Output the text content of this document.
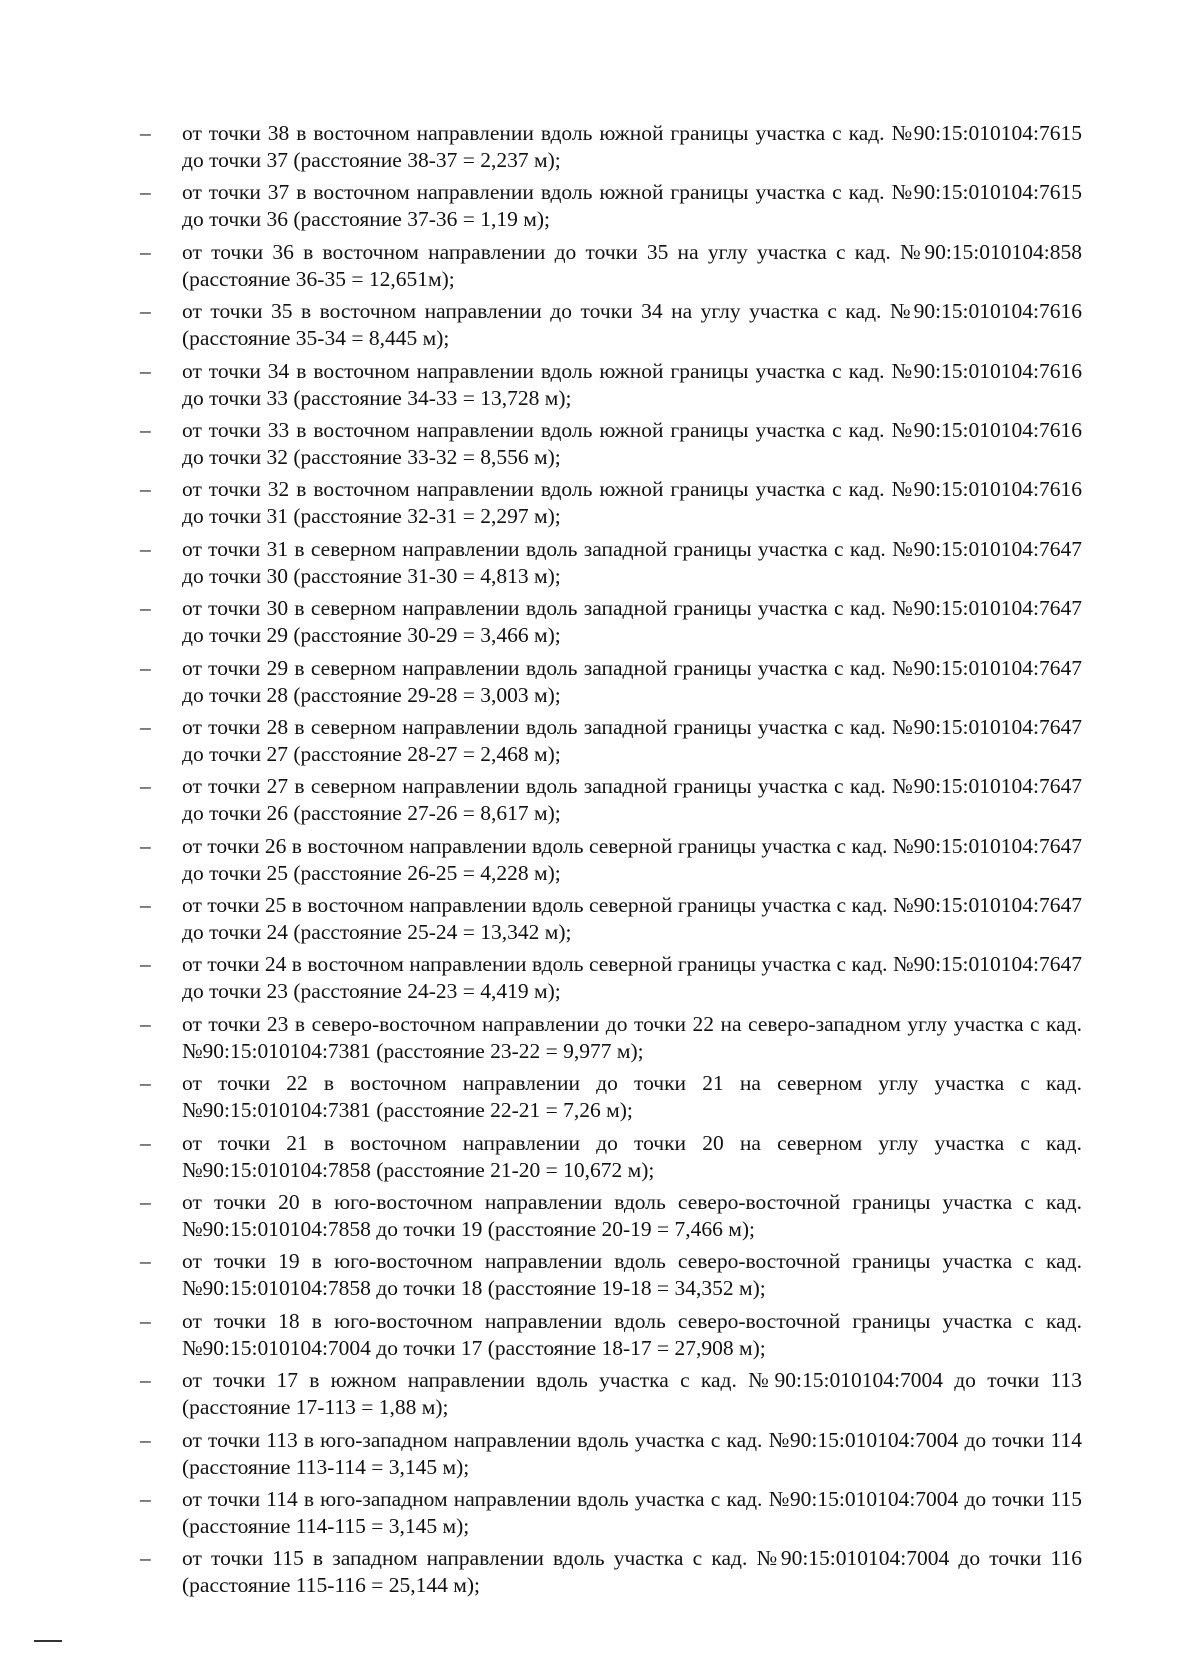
–	от точки 38 в восточном направлении вдоль южной границы участка с кад. №90:15:010104:7615 до точки 37 (расстояние 38-37 = 2,237 м);
–	от точки 37 в восточном направлении вдоль южной границы участка с кад. №90:15:010104:7615 до точки 36 (расстояние 37-36 = 1,19 м);
–	от точки 36 в восточном направлении до точки 35 на углу участка с кад. №90:15:010104:858 (расстояние 36-35 = 12,651м);
–	от точки 35 в восточном направлении до точки 34 на углу участка с кад. №90:15:010104:7616 (расстояние 35-34 = 8,445 м);
–	от точки 34 в восточном направлении вдоль южной границы участка с кад. №90:15:010104:7616 до точки 33 (расстояние 34-33 = 13,728 м);
–	от точки 33 в восточном направлении вдоль южной границы участка с кад. №90:15:010104:7616 до точки 32 (расстояние 33-32 = 8,556 м);
–	от точки 32 в восточном направлении вдоль южной границы участка с кад. №90:15:010104:7616 до точки 31 (расстояние 32-31 = 2,297 м);
–	от точки 31 в северном направлении вдоль западной границы участка с кад. №90:15:010104:7647 до точки 30 (расстояние 31-30 = 4,813 м);
–	от точки 30 в северном направлении вдоль западной границы участка с кад. №90:15:010104:7647 до точки 29 (расстояние 30-29 = 3,466 м);
–	от точки 29 в северном направлении вдоль западной границы участка с кад. №90:15:010104:7647 до точки 28 (расстояние 29-28 = 3,003 м);
–	от точки 28 в северном направлении вдоль западной границы участка с кад. №90:15:010104:7647 до точки 27 (расстояние 28-27 = 2,468 м);
–	от точки 27 в северном направлении вдоль западной границы участка с кад. №90:15:010104:7647 до точки 26 (расстояние 27-26 = 8,617 м);
–	от точки 26 в восточном направлении вдоль северной границы участка с кад. №90:15:010104:7647 до точки 25 (расстояние 26-25 = 4,228 м);
–	от точки 25 в восточном направлении вдоль северной границы участка с кад. №90:15:010104:7647 до точки 24 (расстояние 25-24 = 13,342 м);
–	от точки 24 в восточном направлении вдоль северной границы участка с кад. №90:15:010104:7647 до точки 23 (расстояние 24-23 = 4,419 м);
–	от точки 23 в северо-восточном направлении до точки 22 на северо-западном углу участка с кад. №90:15:010104:7381 (расстояние 23-22 = 9,977 м);
–	от точки 22 в восточном направлении до точки 21 на северном углу участка с кад. №90:15:010104:7381 (расстояние 22-21 = 7,26 м);
–	от точки 21 в восточном направлении до точки 20 на северном углу участка с кад. №90:15:010104:7858 (расстояние 21-20 = 10,672 м);
–	от точки 20 в юго-восточном направлении вдоль северо-восточной границы участка с кад. №90:15:010104:7858 до точки 19 (расстояние 20-19 = 7,466 м);
–	от точки 19 в юго-восточном направлении вдоль северо-восточной границы участка с кад. №90:15:010104:7858 до точки 18 (расстояние 19-18 = 34,352 м);
–	от точки 18 в юго-восточном направлении вдоль северо-восточной границы участка с кад. №90:15:010104:7004 до точки 17 (расстояние 18-17 = 27,908 м);
–	от точки 17 в южном направлении вдоль участка с кад. №90:15:010104:7004 до точки 113 (расстояние 17-113 = 1,88 м);
–	от точки 113 в юго-западном направлении вдоль участка с кад. №90:15:010104:7004 до точки 114 (расстояние 113-114 = 3,145 м);
–	от точки 114 в юго-западном направлении вдоль участка с кад. №90:15:010104:7004 до точки 115 (расстояние 114-115 = 3,145 м);
–	от точки 115 в западном направлении вдоль участка с кад. №90:15:010104:7004 до точки 116 (расстояние 115-116 = 25,144 м);
